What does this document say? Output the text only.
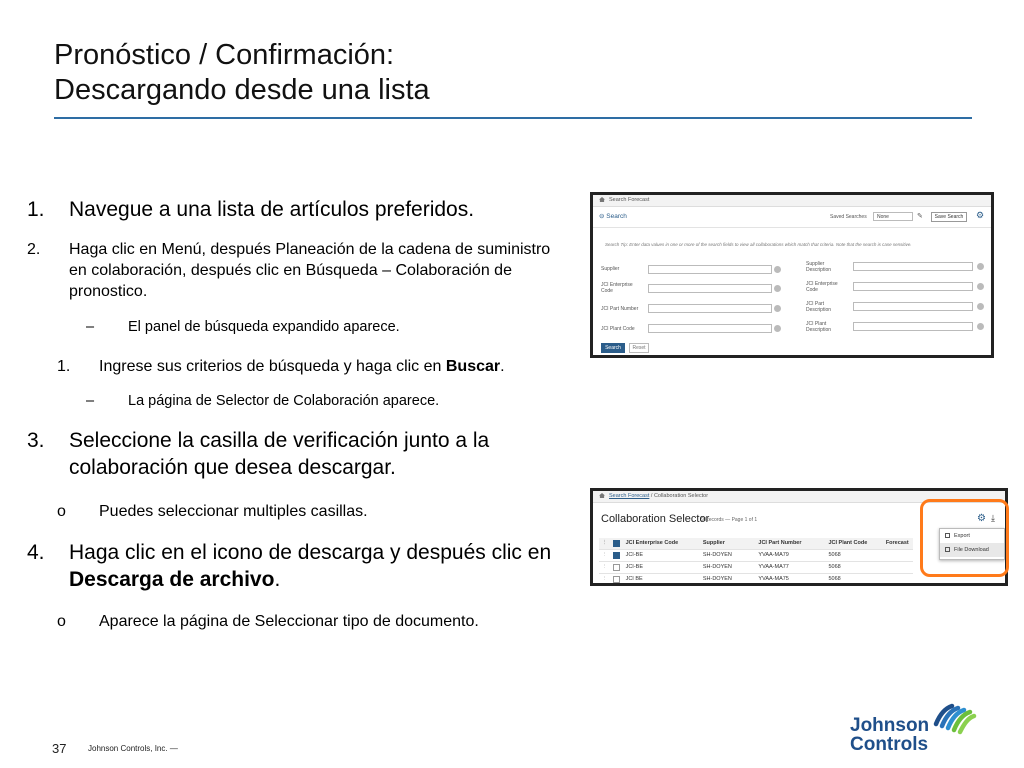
Pronóstico / Confirmación:
Descargando desde una lista
1. Navegue a una lista de artículos preferidos.
2. Haga clic en Menú, después Planeación de la cadena de suministro en colaboración, después clic en Búsqueda – Colaboración de pronostico.
– El panel de búsqueda expandido aparece.
1. Ingrese sus criterios de búsqueda y haga clic en Buscar.
– La página de Selector de Colaboración aparece.
3. Seleccione la casilla de verificación junto a la colaboración que desea descargar.
o Puedes seleccionar multiples casillas.
4. Haga clic en el icono de descarga y después clic en Descarga de archivo.
o Aparece la página de Seleccionar tipo de documento.
Search Forecast
⊖ Search	Saved Searches	None	✎	Save Search	⚙
Search Tip: Enter data values in one or more of the search fields to view all collaborations which match that criteria. Note that the search is case sensitive.
Supplier
JCI Enterprise Code
JCI Part Number
JCI Plant Code
Supplier Description
JCI Enterprise Code
JCI Part Description
JCI Plant Description
Search	Reset
Search Forecast / Collaboration Selector
Collaboration Selector
9 Records — Page 1 of 1	⚙ ⤓
⋮	JCI Enterprise Code	Supplier	JCI Part Number	JCI Plant Code	Forecast
⋮	JCI-BE	SH-DOYEN	YVAA-MA79	5068
⋮	JCI-BE	SH-DOYEN	YVAA-MA77	5068
⋮	JCI BE	SH-DOYEN	YVAA-MA75	5068
Export
File Download
37	Johnson Controls, Inc. —
Johnson
Controls
